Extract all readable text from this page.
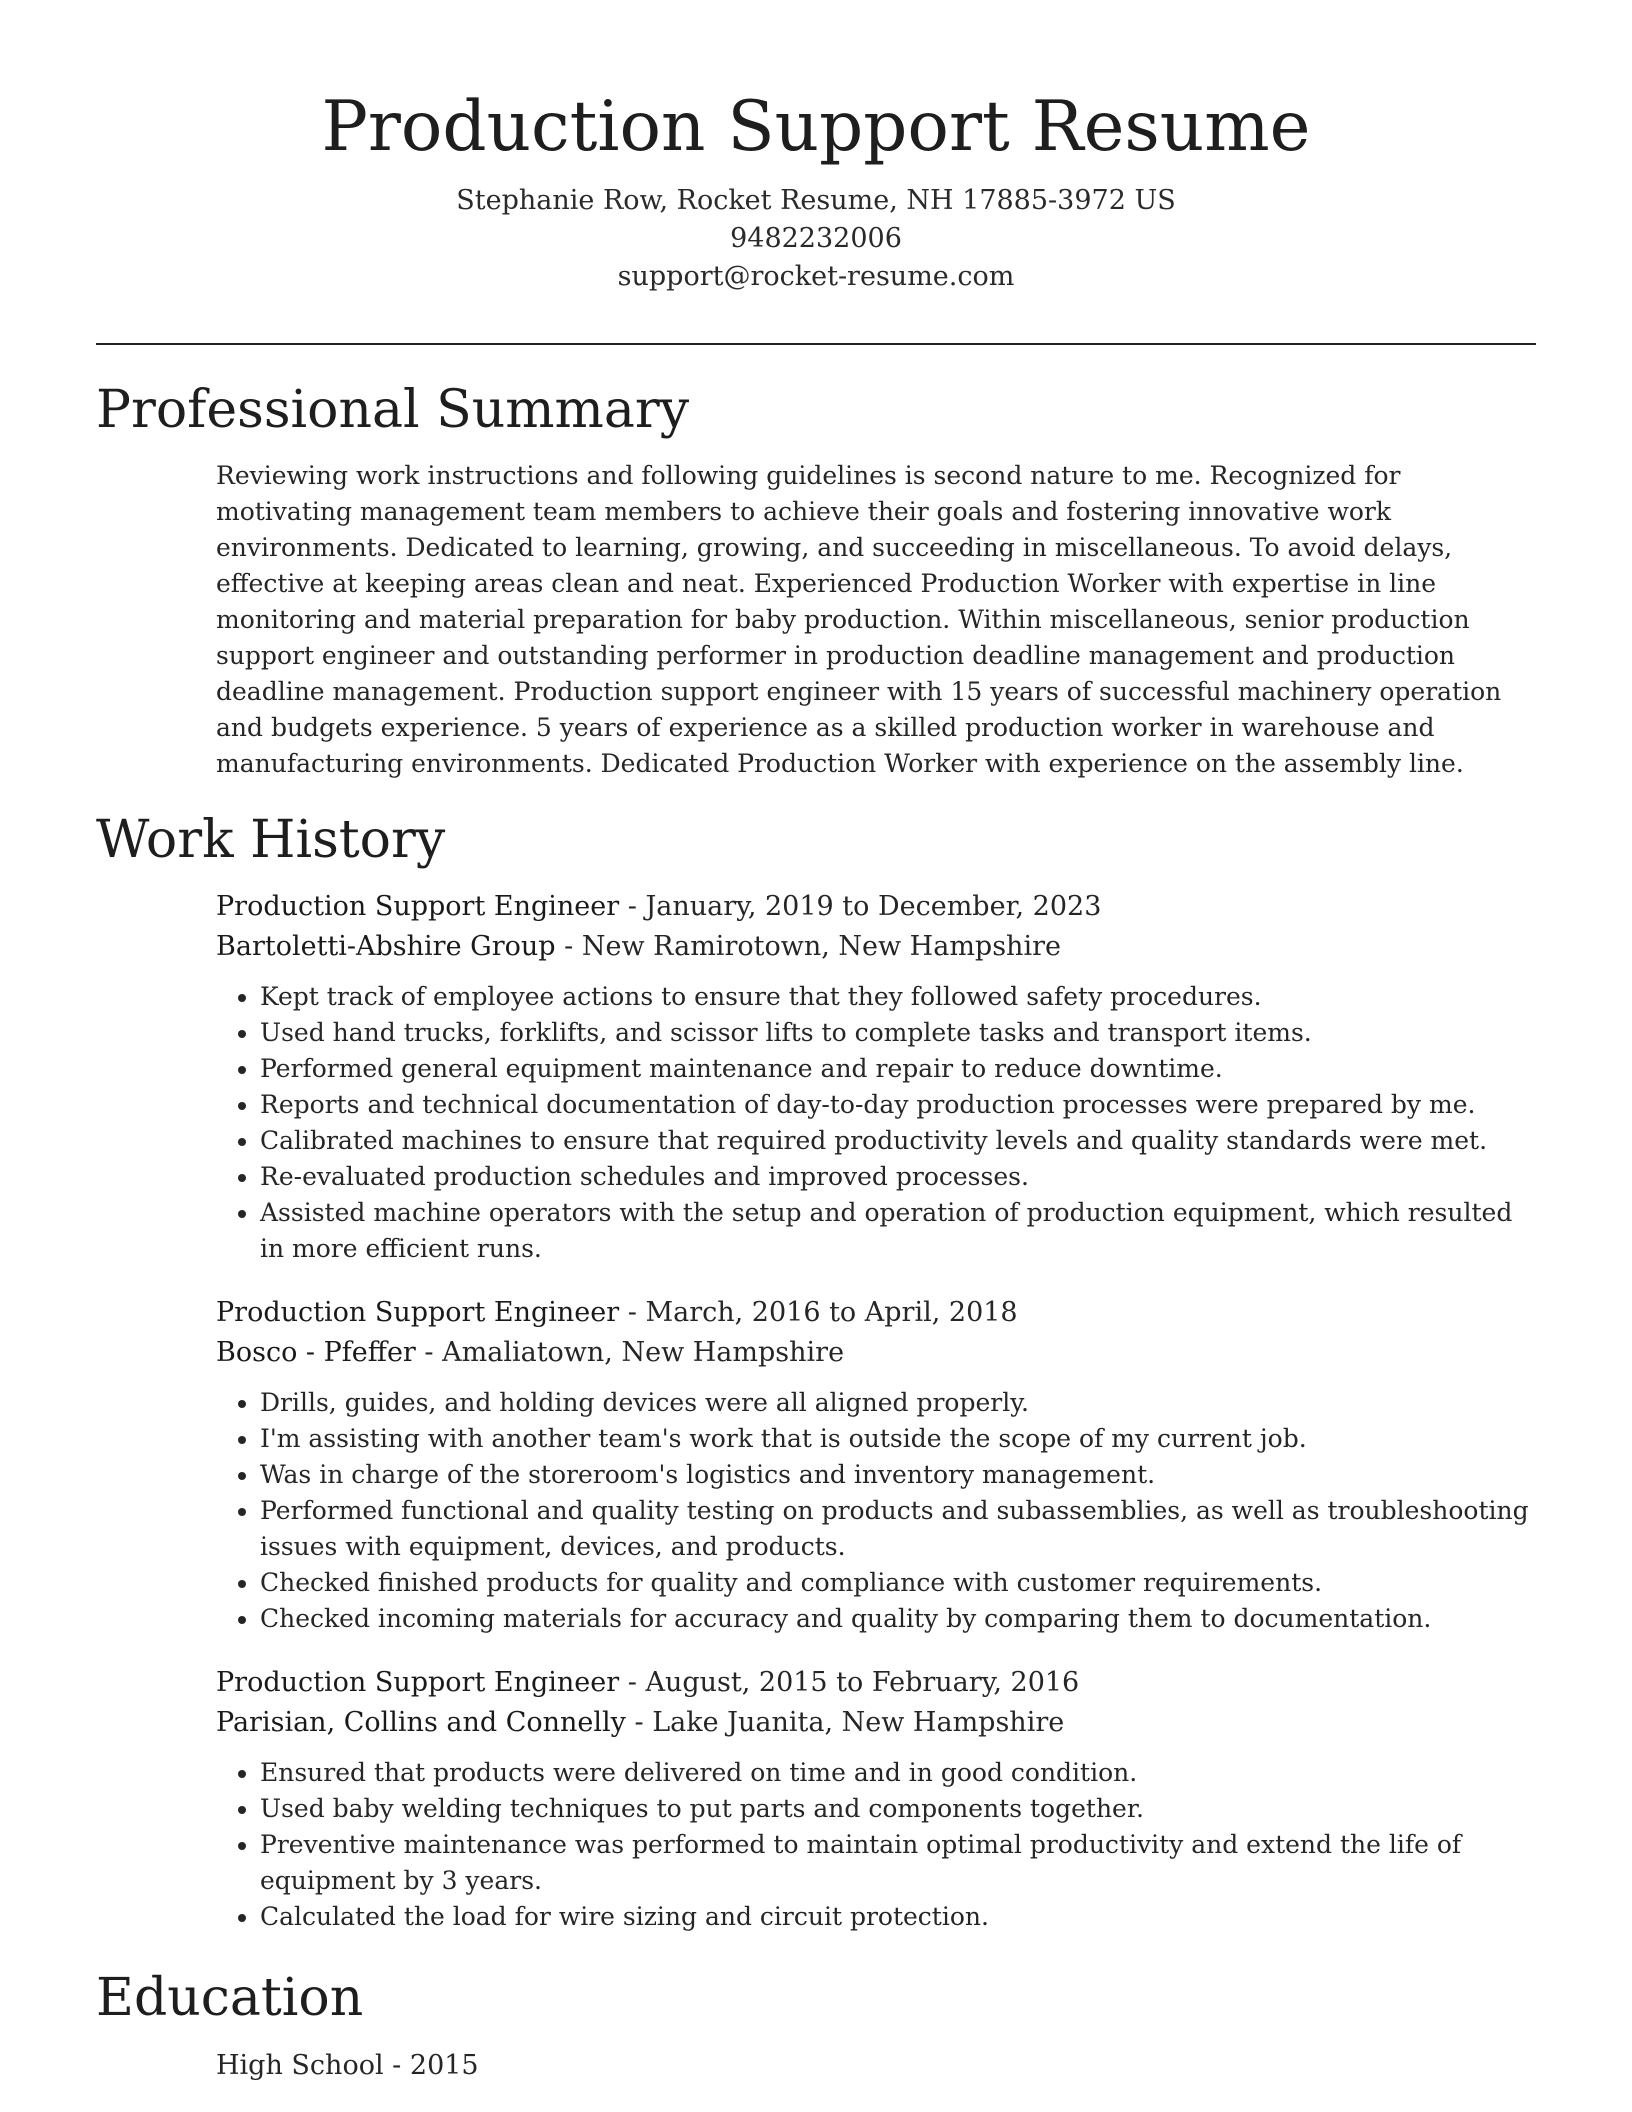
Production Support Resume
Stephanie Row, Rocket Resume, NH 17885-3972 US
9482232006
support@rocket-resume.com
Professional Summary

Reviewing work instructions and following guidelines is second nature to me. Recognized for motivating management team members to achieve their goals and fostering innovative work environments. Dedicated to learning, growing, and succeeding in miscellaneous. To avoid delays, effective at keeping areas clean and neat. Experienced Production Worker with expertise in line monitoring and material preparation for baby production. Within miscellaneous, senior production support engineer and outstanding performer in production deadline management and production deadline management. Production support engineer with 15 years of successful machinery operation and budgets experience. 5 years of experience as a skilled production worker in warehouse and manufacturing environments. Dedicated Production Worker with experience on the assembly line.

Work History
Production Support Engineer - January, 2019 to December, 2023
Bartoletti-Abshire Group - New Ramirotown, New Hampshire
• Kept track of employee actions to ensure that they followed safety procedures.
• Used hand trucks, forklifts, and scissor lifts to complete tasks and transport items.
• Performed general equipment maintenance and repair to reduce downtime.
• Reports and technical documentation of day-to-day production processes were prepared by me.
• Calibrated machines to ensure that required productivity levels and quality standards were met.
• Re-evaluated production schedules and improved processes.
• Assisted machine operators with the setup and operation of production equipment, which resulted in more efficient runs.
Production Support Engineer - March, 2016 to April, 2018
Bosco - Pfeffer - Amaliatown, New Hampshire
• Drills, guides, and holding devices were all aligned properly.
• I'm assisting with another team's work that is outside the scope of my current job.
• Was in charge of the storeroom's logistics and inventory management.
• Performed functional and quality testing on products and subassemblies, as well as troubleshooting issues with equipment, devices, and products.
• Checked finished products for quality and compliance with customer requirements.
• Checked incoming materials for accuracy and quality by comparing them to documentation.
Production Support Engineer - August, 2015 to February, 2016
Parisian, Collins and Connelly - Lake Juanita, New Hampshire
• Ensured that products were delivered on time and in good condition.
• Used baby welding techniques to put parts and components together.
• Preventive maintenance was performed to maintain optimal productivity and extend the life of equipment by 3 years.
• Calculated the load for wire sizing and circuit protection.
Education
High School - 2015
